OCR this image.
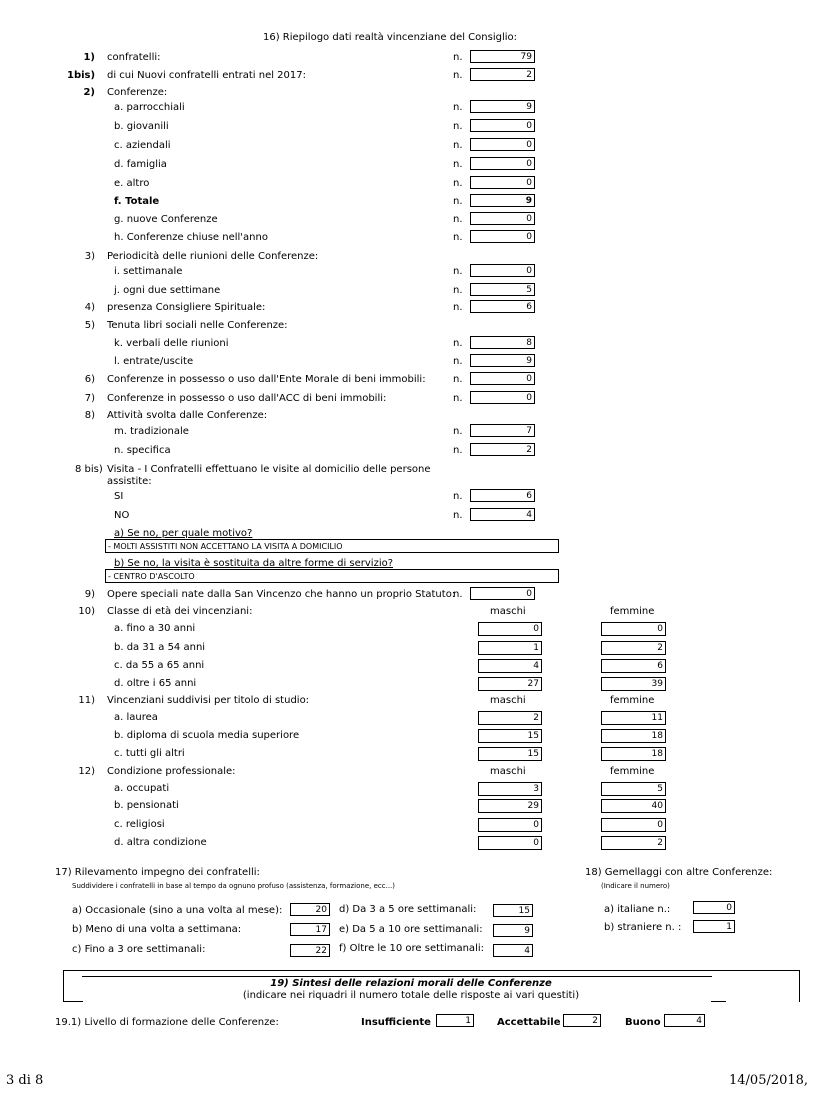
16) Riepilogo dati realtà vincenziane del Consiglio:
1) confratelli:	n.	79
1bis) di cui Nuovi confratelli entrati nel 2017:	n.	2
2) Conferenze:
a. parrocchiali	n.	9
b. giovanili	n.	0
c. aziendali	n.	0
d. famiglia	n.	0
e. altro	n.	0
f. Totale	n.	9
g. nuove Conferenze	n.	0
h. Conferenze chiuse nell'anno	n.	0
3) Periodicità delle riunioni delle Conferenze:
i. settimanale	n.	0
j. ogni due settimane	n.	5
4) presenza Consigliere Spirituale:	n.	6
5) Tenuta libri sociali nelle Conferenze:
k. verbali delle riunioni	n.	8
l. entrate/uscite	n.	9
6) Conferenze in possesso o uso dall'Ente Morale di beni immobili:	n.	0
7) Conferenze in possesso o uso dall'ACC di beni immobili:	n.	0
8) Attività svolta dalle Conferenze:
m. tradizionale	n.	7
n. specifica	n.	2
8 bis) Visita - I Confratelli effettuano le visite al domicilio delle persone
assistite:
SI	n.	6
NO	n.	4
a) Se no, per quale motivo?
- MOLTI ASSISTITI NON ACCETTANO LA VISITA A DOMICILIO
b) Se no, la visita è sostituita da altre forme di servizio?
- CENTRO D'ASCOLTO
9) Opere speciali nate dalla San Vincenzo che hanno un proprio Statuto:
n.	0
10) Classe di età dei vincenziani:	maschi	femmine
a. fino a 30 anni	0	0
b. da 31 a 54 anni	1	2
c. da 55 a 65 anni	4	6
d. oltre i 65 anni	27	39
11) Vincenziani suddivisi per titolo di studio:	maschi	femmine
a. laurea	2	11
b. diploma di scuola media superiore	15	18
c. tutti gli altri	15	18
12) Condizione professionale:	maschi	femmine
a. occupati	3	5
b. pensionati	29	40
c. religiosi	0	0
d. altra condizione	0	2
17) Rilevamento impegno dei confratelli:
Suddividere i confratelli in base al tempo da ognuno profuso (assistenza, formazione, ecc...)
a) Occasionale (sino a una volta al mese):	20
b) Meno di una volta a settimana:	17
c) Fino a 3 ore settimanali:	22
d) Da 3 a 5 ore settimanali:	15
e) Da 5 a 10 ore settimanali:	9
f) Oltre le 10 ore settimanali:	4
18) Gemellaggi con altre Conferenze:
(Indicare il numero)
a) italiane n.:	0
b) straniere n. :	1
19) Sintesi delle relazioni morali delle Conferenze
(indicare nei riquadri il numero totale delle risposte ai vari questiti)
19.1) Livello di formazione delle Conferenze:	Insufficiente	1	Accettabile	2	Buono	4
3 di 8	14/05/2018,
